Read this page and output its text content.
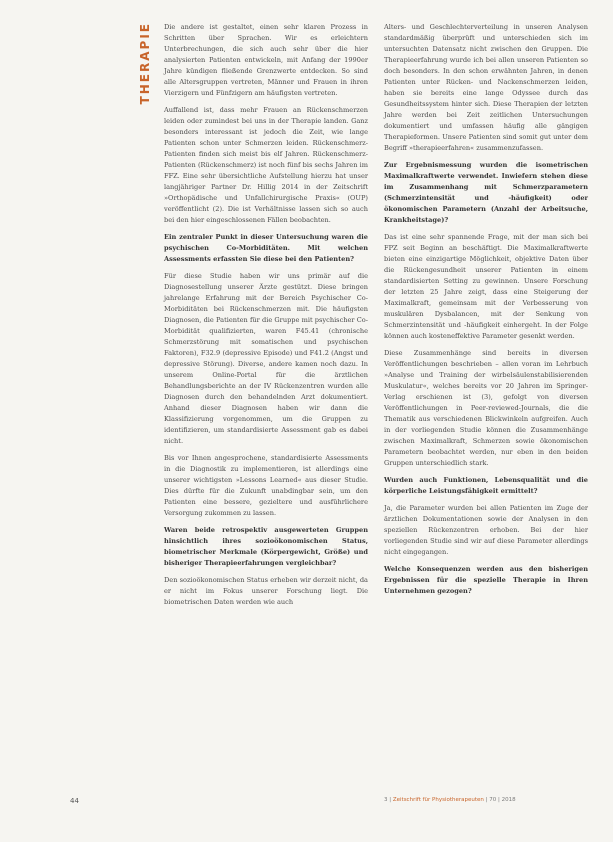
THERAPIE Die andere ist gestaltet, einen sehr klaren Prozess in Schritten über Sprachen. Wir es erleichtern Unterbrechungen, die sich auch sehr über die hier analysierten Patienten entwickeln, mit Anfang der 1990er Jahre kündigen fließende Grenzwerte entdecken. So sind alle Altersgruppen vertreten, Männer und Frauen in ihren Vierzigern und Fünfzigern am häufigsten vertreten.

Auffallend ist, dass mehr Frauen an Rückenschmerzen leiden oder zumindest bei uns in der Therapie landen. Ganz besonders interessant ist jedoch die Zeit, wie lange Patienten schon unter Schmerzen leiden. Rückenschmerz-Patienten finden sich meist bis elf Jahren. Rückenschmerz-Patienten (Rückenschmerz) ist noch fünf bis sechs Jahren im FFZ. Eine sehr übersichtliche Aufstellung hierzu hat unser langjähriger Partner Dr. Hillig 2014 in der Zeitschrift »Orthopädische und Unfallchirurgische Praxis« (OUP) veröffentlicht (2). Die ist Verhältnisse lassen sich so auch bei den hier eingeschlossenen Fällen beobachten.

Ein zentraler Punkt in dieser Untersuchung waren die psychischen Co-Morbiditäten. Mit welchen Assessments erfassten Sie diese bei den Patienten?

Für diese Studie haben wir uns primär auf die Diagnosestellung unserer Ärzte gestützt. Diese bringen jahrelange Erfahrung mit der Bereich Psychischer Co-Morbiditäten bei Rückenschmerzen mit. Die häufigsten Diagnosen, die Patienten für die Gruppe mit psychischer Co-Morbidität qualifizierten, waren F45.41 (chronische Schmerzstörung mit somatischen und psychischen Faktoren), F32.9 (depressive Episode) und F41.2 (Angst und depressive Störung). Diverse, andere kamen noch dazu. In unserem Online-Portal für die ärztlichen Behandlungsberichte an der IV Rückenzentren wurden alle Diagnosen durch den behandelnden Arzt dokumentiert. Anhand dieser Diagnosen haben wir dann die Klassifizierung vorgenommen, um die Gruppen zu identifizieren, um standardisierte Assessment gab es dabei nicht.

Bis vor Ihnen angesprochene, standardisierte Assessments in die Diagnostik zu implementieren, ist allerdings eine unserer wichtigsten »Lessons Learned« aus dieser Studie. Dies dürfte für die Zukunft unabdingbar sein, um den Patienten eine bessere, gezieltere und ausführlichere Versorgung zukommen zu lassen.

Waren beide retrospektiv ausgewerteten Gruppen hinsichtlich ihres sozioökonomischen Status, biometrischer Merkmale (Körpergewicht, Größe) und bisheriger Therapieerfahrungen vergleichbar?

Den sozioökonomischen Status erheben wir derzeit nicht, da er nicht im Fokus unserer Forschung liegt. Die biometrischen Daten werden wie auch

Alters- und Geschlechterverteilung in unseren Analysen standardmäßig überprüft und unterschieden sich im untersuchten Datensatz nicht zwischen den Gruppen. Die Therapieerfahrung wurde ich bei allen unseren Patienten so doch besonders. In den schon erwähnten Jahren, in denen Patienten unter Rücken- und Nackenschmerzen leiden, haben sie bereits eine lange Odyssee durch das Gesundheitssystem hinter sich. Diese Therapien der letzten Jahre werden bei Zeit zeitlichen Untersuchungen dokumentiert und umfassen häufig alle gängigen Therapieformen. Unsere Patienten sind somit gut unter dem Begriff »therapieerfahren« zusammenzufassen.

Zur Ergebnismessung wurden die isometrischen Maximalkraftwerte verwendet. Inwiefern stehen diese im Zusammenhang mit Schmerzparametern (Schmerzintensität und -häufigkeit) oder ökonomischen Parametern (Anzahl der Arbeitsuche, Krankheitstage)?

Das ist eine sehr spannende Frage, mit der man sich bei FPZ seit Beginn an beschäftigt. Die Maximalkraftwerte bieten eine einzigartige Möglichkeit, objektive Daten über die Rückengesundheit unserer Patienten in einem standardisierten Setting zu gewinnen. Unsere Forschung der letzten 25 Jahre zeigt, dass eine Steigerung der Maximalkraft, gemeinsam mit der Verbesserung von muskulären Dysbalancen, mit der Senkung von Schmerzintensität und -häufigkeit einhergeht. In der Folge können auch kosteneffektive Parameter gesenkt werden.

Diese Zusammenhänge sind bereits in diversen Veröffentlichungen beschrieben – allen voran im Lehrbuch »Analyse und Training der wirbelsäulenstabilisierenden Muskulatur«, welches bereits vor 20 Jahren im Springer-Verlag erschienen ist (3), gefolgt von diversen Veröffentlichungen in Peer-reviewed-Journals, die die Thematik aus verschiedenen Blickwinkeln aufgreifen. Auch in der vorliegenden Studie können die Zusammenhänge zwischen Maximalkraft, Schmerzen sowie ökonomischen Parametern beobachtet werden, nur eben in den beiden Gruppen unterschiedlich stark.

Wurden auch Funktionen, Lebensqualität und die körperliche Leistungsfähigkeit ermittelt?

Ja, die Parameter wurden bei allen Patienten im Zuge der ärztlichen Dokumentationen sowie der Analysen in den speziellen Rückenzentren erhoben. Bei der hier vorliegenden Studie sind wir auf diese Parameter allerdings nicht eingegangen.

Welche Konsequenzen werden aus den bisherigen Ergebnissen für die spezielle Therapie in Ihren Unternehmen gezogen?

44	3 | Zeitschrift für Physiotherapeuten | 70 | 2018
